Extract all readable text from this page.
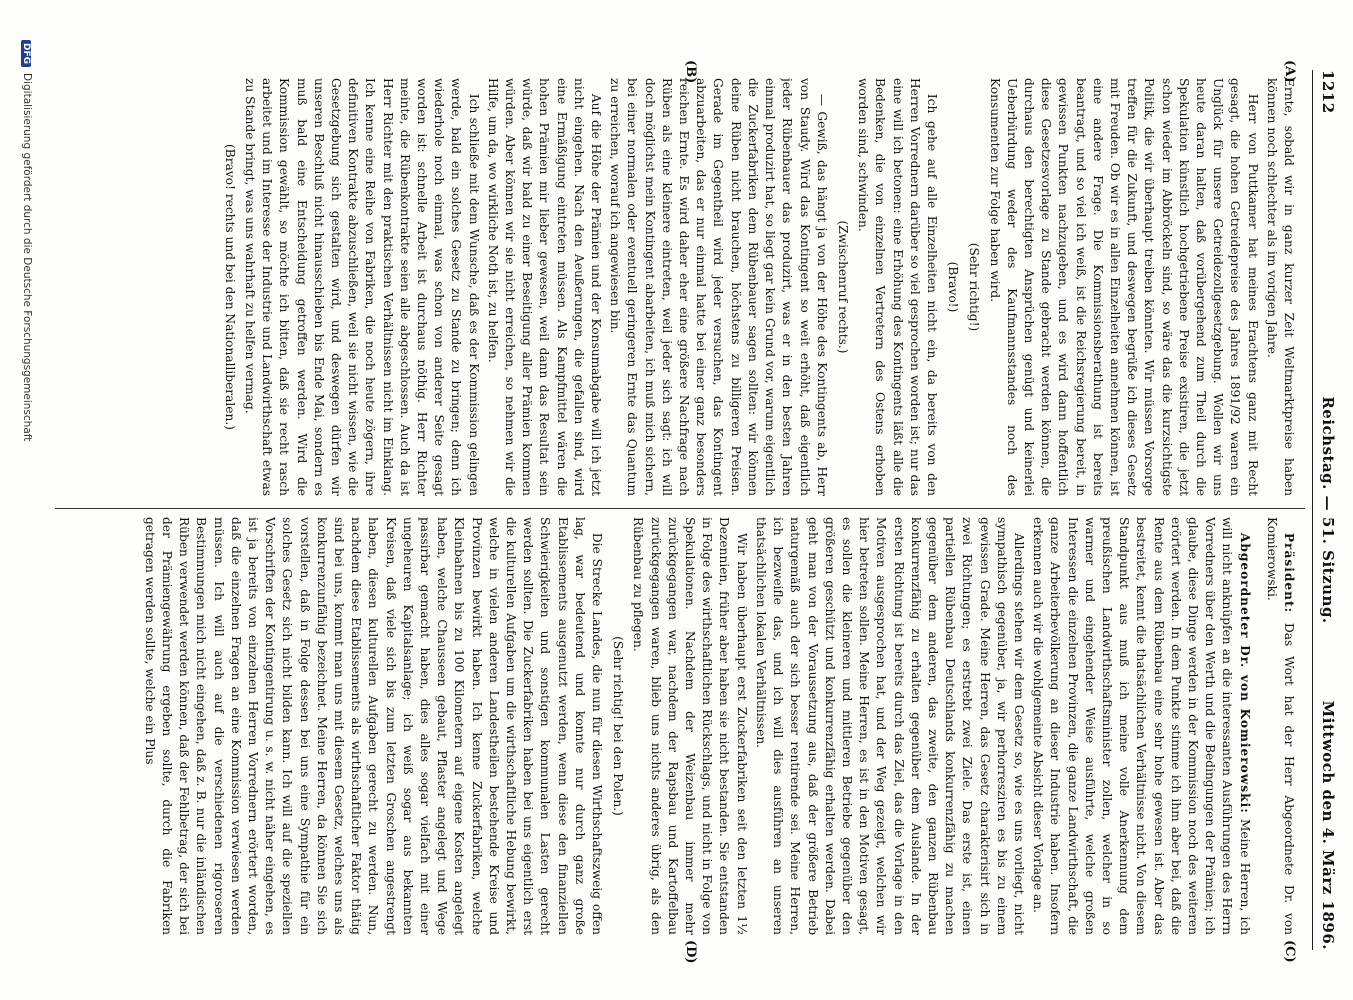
1212
Reichstag. — 51. Sitzung.
Mittwoch den 4. März 1896.
(A)
(B)
(C)
(D)

Ernte, sobald wir in ganz kurzer Zeit Weltmarktpreise haben können noch schlechter als im vorigen Jahre.

Herr von Puttkamer hat meines Erachtens ganz mit Recht gesagt, die hohen Getreidepreise des Jahres 1891/92 waren ein Unglück für unsere Getreidezollgesetzgebung. Wollen wir uns heute daran halten, daß vorübergehend zum Theil durch die Spekulation künstlich hochgetriebene Preise existiren, die jetzt schon wieder im Abbröckeln sind, so wäre das die kurzsichtigste Politik, die wir überhaupt treiben könnten. Wir müssen Vorsorge treffen für die Zukunft, und deswegen begrüße ich dieses Gesetz mit Freuden. Ob wir es in allen Einzelheiten annehmen können, ist eine andere Frage. Die Kommissionsberathung ist bereits beantragt, und so viel ich weiß, ist die Reichsregierung bereit, in gewissen Punkten nachzugeben, und es wird dann hoffentlich diese Gesetzesvorlage zu Stande gebracht werden können, die durchaus den berechtigten Ansprüchen genügt und keinerlei Ueberbürdung weder des Kaufmannsstandes noch des Konsumenten zur Folge haben wird.

(Sehr richtig!)

(Bravo!)

Ich gehe auf alle Einzelheiten nicht ein, da bereits von den Herren Vorrednern darüber so viel gesprochen worden ist; nur das eine will ich betonen: eine Erhöhung des Kontingents läßt alle die Bedenken, die von einzelnen Vertretern des Ostens erhoben worden sind, schwinden.

(Zwischenruf rechts.)

— Gewiß, das hängt ja von der Höhe des Kontingents ab, Herr von Staudy. Wird das Kontingent so weit erhöht, daß eigentlich jeder Rübenbauer das produzirt, was er in den besten Jahren einmal produzirt hat, so liegt gar kein Grund vor, warum eigentlich die Zuckerfabriken dem Rübenbauer sagen sollten: wir können deine Rüben nicht brauchen, höchstens zu billigeren Preisen. Gerade im Gegentheil wird jeder versuchen, das Kontingent abzuarbeiten, das er nur einmal hatte bei einer ganz besonders reichen Ernte. Es wird daher eher eine größere Nachfrage nach Rüben als eine kleinere eintreten, weil jeder sich sagt: ich will doch möglichst mein Kontingent abarbeiten, ich muß mich sichern, bei einer normalen oder eventuell geringeren Ernte das Quantum zu erreichen, worauf ich angewiesen bin.

Auf die Höhe der Prämien und der Konsumabgabe will ich jetzt nicht eingehen. Nach den Aeußerungen, die gefallen sind, wird eine Ermäßigung eintreten müssen. Als Kampfmittel wären die hohen Prämien mir lieber gewesen, weil dann das Resultat sein würde, daß wir bald zu einer Beseitigung aller Prämien kommen würden. Aber können wir sie nicht erreichen, so nehmen wir die Hilfe, um da, wo wirkliche Noth ist, zu helfen.

Ich schließe mit dem Wunsche, daß es der Kommission gelingen werde, bald ein solches Gesetz zu Stande zu bringen; denn ich wiederhole noch einmal, was schon von anderer Seite gesagt worden ist: schnelle Arbeit ist durchaus nöthig. Herr Richter meinte, die Rübenkontrakte seien alle abgeschlossen. Auch da ist Herr Richter mit den praktischen Verhältnissen nicht im Einklang. Ich kenne eine Reihe von Fabriken, die noch heute zögern, ihre definitiven Kontrakte abzuschließen, weil sie nicht wissen, wie die Gesetzgebung sich gestalten wird, und deswegen dürfen wir unseren Beschluß nicht hinausschieben bis Ende Mai, sondern es muß bald eine Entscheidung getroffen werden. Wird die Kommission gewählt, so möchte ich bitten, daß sie recht rasch arbeitet und im Interesse der Industrie und Landwirthschaft etwas zu Stande bringt, was uns wahrhaft zu helfen vermag.

(Bravo! rechts und bei den Nationalliberalen.)

Präsident: Das Wort hat der Herr Abgeordnete Dr. von Komierowski.

Abgeordneter Dr. von Komierowski: Meine Herren, ich will nicht anknüpfen an die interessanten Ausführungen des Herrn Vorredners über den Werth und die Bedingungen der Prämien; ich glaube, diese Dinge werden in der Kommission noch des weiteren erörtert werden. In dem Punkte stimme ich ihm aber bei, daß die Rente aus dem Rübenbau eine sehr hohe gewesen ist. Aber das bestreitet, kennt die thatsächlichen Verhältnisse nicht. Von diesem Standpunkt aus muß ich meine volle Anerkennung dem preußischen Landwirthschaftsminister zollen, welcher in so warmer und eingehender Weise ausführte, welche großen Interessen die einzelnen Provinzen, die ganze Landwirthschaft, die ganze Arbeiterbevölkerung an dieser Industrie haben. Insofern erkennen auch wir die wohlgemeinte Absicht dieser Vorlage an.

Allerdings stehen wir dem Gesetz so, wie es uns vorliegt, nicht sympathisch gegenüber, ja, wir perhorresziren es bis zu einem gewissen Grade. Meine Herren, das Gesetz charakterisirt sich in zwei Richtungen; es erstrebt zwei Ziele. Das erste ist, einen partiellen Rübenbau Deutschlands konkurrenzfähig zu machen gegenüber dem anderen, das zweite, den ganzen Rübenbau konkurrenzfähig zu erhalten gegenüber dem Auslande. In der ersten Richtung ist bereits durch das Ziel, das die Vorlage in den Motiven ausgesprochen hat, und der Weg gezeigt, welchen wir hier betreten sollen. Meine Herren, es ist in den Motiven gesagt, es sollen die kleineren und mittleren Betriebe gegenüber den größeren geschützt und konkurrenzfähig erhalten werden. Dabei geht man von der Voraussetzung aus, daß der größere Betrieb naturgemäß auch der sich besser rentirende sei. Meine Herren, ich bezweifle das, und ich will dies ausführen an unseren thatsächlichen lokalen Verhältnissen.

Wir haben überhaupt erst Zuckerfabriken seit den letzten 1½ Dezennien, früher aber haben sie nicht bestanden. Sie entstanden in Folge des wirthschaftlichen Rückschlags, und nicht in Folge von Spekulationen. Nachdem der Weizenbau immer mehr zurückgegangen war, nachdem der Rapsbau und Kartoffelbau zurückgegangen waren, blieb uns nichts anderes übrig, als den Rübenbau zu pflegen.

(Sehr richtig! bei den Polen.)

Die Strecke Landes, die nun für diesen Wirthschaftszweig offen lag, war bedeutend und konnte nur durch ganz große Etablissements ausgenutzt werden, wenn diese den finanziellen Schwierigkeiten und sonstigen kommunalen Lasten gerecht werden sollten. Die Zuckerfabriken haben bei uns eigentlich erst die kulturellen Aufgaben um die wirthschaftliche Hebung bewirkt, welche in vielen anderen Landestheilen bestehende Kreise und Provinzen bewirkt haben. Ich kenne Zuckerfabriken, welche Kleinbahnen bis zu 100 Kilometern auf eigene Kosten angelegt haben, welche Chausseen gebaut, Pflaster angelegt und Wege passirbar gemacht haben, dies alles sogar vielfach mit einer ungeheuren Kapitalsanlage; ich weiß sogar aus bekannten Kreisen, daß viele sich bis zum letzten Groschen angestrengt haben, diesen kulturellen Aufgaben gerecht zu werden. Nun, nachdem diese Etablissements als wirthschaftlicher Faktor thätig sind bei uns, kommt man uns mit diesem Gesetz, welches uns als konkurrenzunfähig bezeichnet. Meine Herren, da können Sie sich vorstellen, daß in Folge dessen bei uns eine Sympathie für ein solches Gesetz sich nicht bilden kann. Ich will auf die speziellen Vorschriften der Kontingentirung u. s. w. nicht näher eingehen, es ist ja bereits von einzelnen Herren Vorrednern erörtert worden, daß die einzelnen Fragen an eine Kommission verwiesen werden müssen. Ich will auch auf die verschiedenen rigoroseren Bestimmungen mich nicht eingehen, daß z. B. nur die inländischen Rüben verwendet werden können, daß der Fehlbetrag, der sich bei der Prämiengewährung ergeben sollte, durch die Fabriken getragen werden sollte, welche ein Plus

DFGDigitalisierung gefördert durch die Deutsche Forschungsgemeinschaft
